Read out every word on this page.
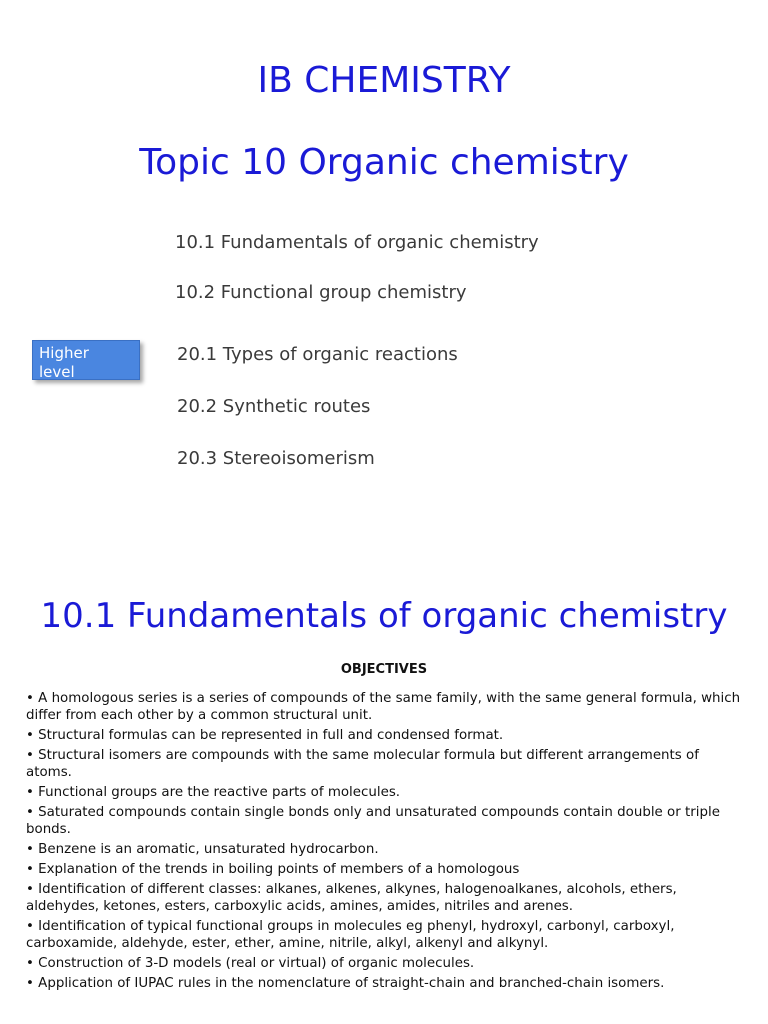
IB CHEMISTRY
Topic 10 Organic chemistry
10.1 Fundamentals of organic chemistry
10.2 Functional group chemistry
Higher level
20.1 Types of organic reactions
20.2 Synthetic routes
20.3 Stereoisomerism
10.1 Fundamentals of organic chemistry
OBJECTIVES
• A homologous series is a series of compounds of the same family, with the same general formula, which differ from each other by a common structural unit.
• Structural formulas can be represented in full and condensed format.
• Structural isomers are compounds with the same molecular formula but different arrangements of atoms.
• Functional groups are the reactive parts of molecules.
• Saturated compounds contain single bonds only and unsaturated compounds contain double or triple bonds.
• Benzene is an aromatic, unsaturated hydrocarbon.
• Explanation of the trends in boiling points of members of a homologous
• Identification of different classes: alkanes, alkenes, alkynes, halogenoalkanes, alcohols, ethers, aldehydes, ketones, esters, carboxylic acids, amines, amides, nitriles and arenes.
• Identification of typical functional groups in molecules eg phenyl, hydroxyl, carbonyl, carboxyl, carboxamide, aldehyde, ester, ether, amine, nitrile, alkyl, alkenyl and alkynyl.
• Construction of 3-D models (real or virtual) of organic molecules.
• Application of IUPAC rules in the nomenclature of straight-chain and branched-chain isomers.
